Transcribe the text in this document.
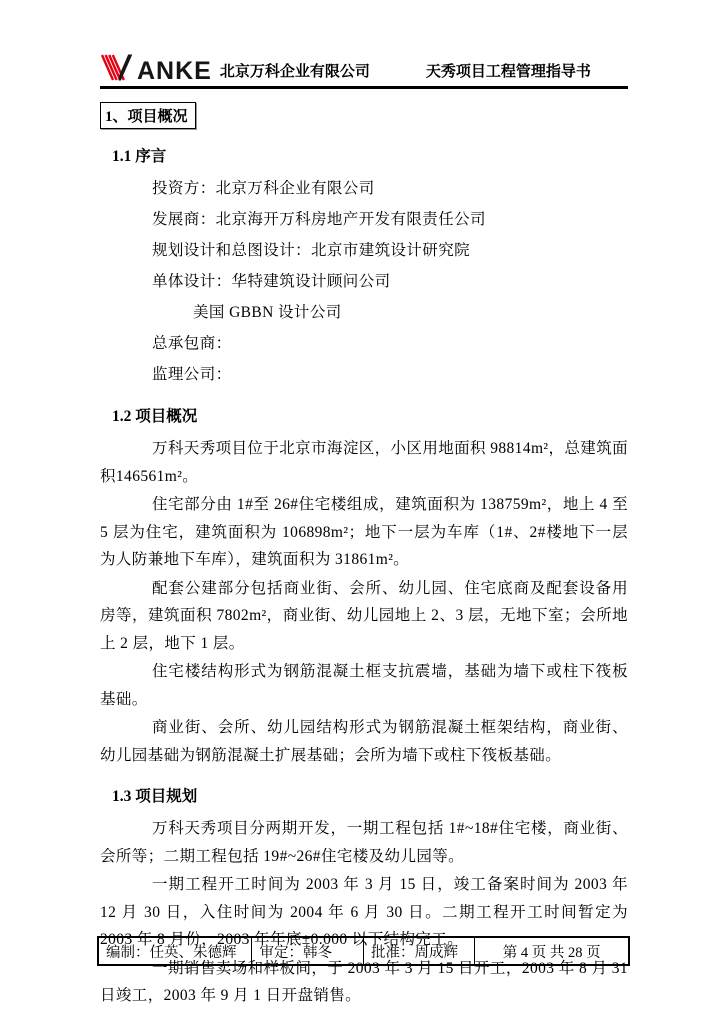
ANKE 北京万科企业有限公司	天秀项目工程管理指导书
1、项目概况
1.1 序言

投资方：北京万科企业有限公司

发展商：北京海开万科房地产开发有限责任公司

规划设计和总图设计：北京市建筑设计研究院

单体设计：华特建筑设计顾问公司

美国 GBBN 设计公司

总承包商：

监理公司：

1.2 项目概况

万科天秀项目位于北京市海淀区，小区用地面积 98814m²，总建筑面积146561m²。

住宅部分由 1#至 26#住宅楼组成，建筑面积为 138759m²，地上 4 至 5 层为住宅，建筑面积为 106898m²；地下一层为车库（1#、2#楼地下一层为人防兼地下车库），建筑面积为 31861m²。

配套公建部分包括商业街、会所、幼儿园、住宅底商及配套设备用房等，建筑面积 7802m²，商业街、幼儿园地上 2、3 层，无地下室；会所地上 2 层，地下 1 层。

住宅楼结构形式为钢筋混凝土框支抗震墙，基础为墙下或柱下筏板基础。

商业街、会所、幼儿园结构形式为钢筋混凝土框架结构，商业街、幼儿园基础为钢筋混凝土扩展基础；会所为墙下或柱下筏板基础。

1.3 项目规划

万科天秀项目分两期开发，一期工程包括 1#~18#住宅楼，商业街、会所等；二期工程包括 19#~26#住宅楼及幼儿园等。

一期工程开工时间为 2003 年 3 月 15 日，竣工备案时间为 2003 年 12 月 30 日，入住时间为 2004 年 6 月 30 日。二期工程开工时间暂定为 2003 年 8 月份，2003 年年底±0.000 以下结构完工。

一期销售卖场和样板间，于 2003 年 3 月 15 日开工，2003 年 8 月 31 日竣工，2003 年 9 月 1 日开盘销售。

编制：任英、朱德辉	审定：韩冬	批准：周成辉	第 4 页 共 28 页
